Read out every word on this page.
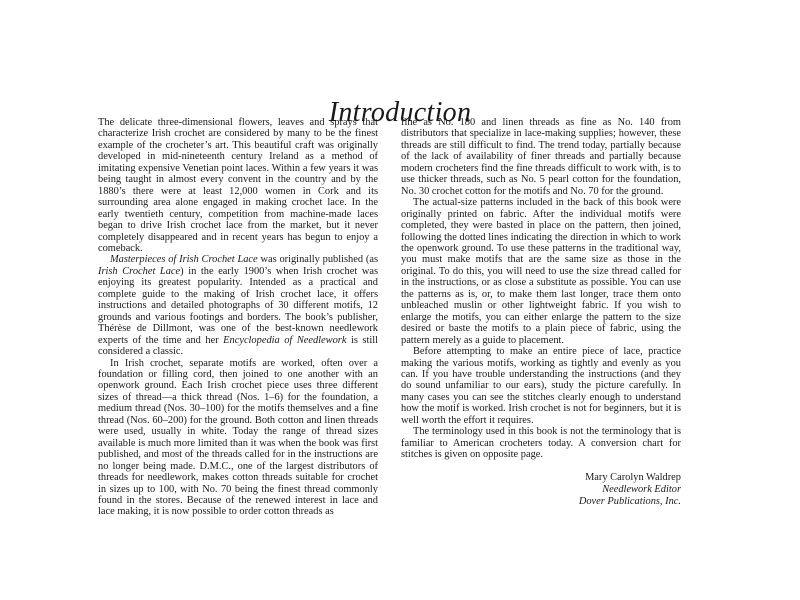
Introduction

The delicate three-dimensional flowers, leaves and sprays that characterize Irish crochet are considered by many to be the finest example of the crocheter’s art. This beautiful craft was originally developed in mid-nineteenth century Ireland as a method of imitating expensive Venetian point laces. Within a few years it was being taught in almost every convent in the country and by the 1880’s there were at least 12,000 women in Cork and its surrounding area alone engaged in making crochet lace. In the early twentieth century, competition from machine-made laces began to drive Irish crochet lace from the market, but it never completely disappeared and in recent years has begun to enjoy a comeback.

Masterpieces of Irish Crochet Lace was originally published (as Irish Crochet Lace) in the early 1900’s when Irish crochet was enjoying its greatest popularity. Intended as a practical and complete guide to the making of Irish crochet lace, it offers instructions and detailed photographs of 30 different motifs, 12 grounds and various footings and borders. The book’s publisher, Thérèse de Dillmont, was one of the best-known needlework experts of the time and her Encyclopedia of Needlework is still considered a classic.

In Irish crochet, separate motifs are worked, often over a foundation or filling cord, then joined to one another with an openwork ground. Each Irish crochet piece uses three different sizes of thread—a thick thread (Nos. 1–6) for the foundation, a medium thread (Nos. 30–100) for the motifs themselves and a fine thread (Nos. 60–200) for the ground. Both cotton and linen threads were used, usually in white. Today the range of thread sizes available is much more limited than it was when the book was first published, and most of the threads called for in the instructions are no longer being made. D.M.C., one of the largest distributors of threads for needlework, makes cotton threads suitable for crochet in sizes up to 100, with No. 70 being the finest thread commonly found in the stores. Because of the renewed interest in lace and lace making, it is now possible to order cotton threads as

fine as No. 180 and linen threads as fine as No. 140 from distributors that specialize in lace-making supplies; however, these threads are still difficult to find. The trend today, partially because of the lack of availability of finer threads and partially because modern crocheters find the fine threads difficult to work with, is to use thicker threads, such as No. 5 pearl cotton for the foundation, No. 30 crochet cotton for the motifs and No. 70 for the ground.

The actual-size patterns included in the back of this book were originally printed on fabric. After the individual motifs were completed, they were basted in place on the pattern, then joined, following the dotted lines indicating the direction in which to work the openwork ground. To use these patterns in the traditional way, you must make motifs that are the same size as those in the original. To do this, you will need to use the size thread called for in the instructions, or as close a substitute as possible. You can use the patterns as is, or, to make them last longer, trace them onto unbleached muslin or other lightweight fabric. If you wish to enlarge the motifs, you can either enlarge the pattern to the size desired or baste the motifs to a plain piece of fabric, using the pattern merely as a guide to placement.

Before attempting to make an entire piece of lace, practice making the various motifs, working as tightly and evenly as you can. If you have trouble understanding the instructions (and they do sound unfamiliar to our ears), study the picture carefully. In many cases you can see the stitches clearly enough to understand how the motif is worked. Irish crochet is not for beginners, but it is well worth the effort it requires.

The terminology used in this book is not the terminology that is familiar to American crocheters today. A conversion chart for stitches is given on opposite page.

Mary Carolyn Waldrep
Needlework Editor
Dover Publications, Inc.
